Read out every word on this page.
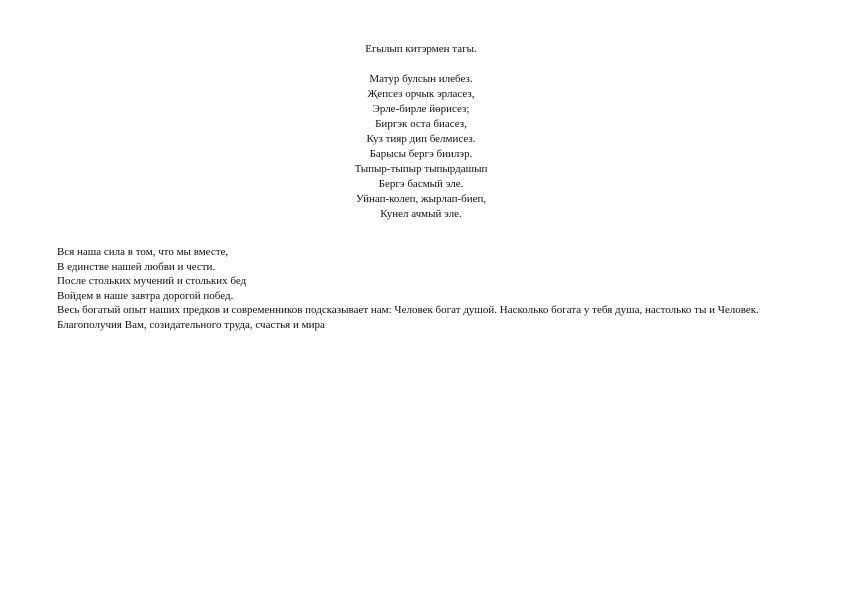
Егылып китэрмен тагы.
Матур булсын илебез.
Җепсез орчык эрласез,
Эрле-бирле йөрисез;
Биргэк оста биасез,
Куз тияр дип белмисез.
Барысы бергэ биилэр.
Тыпыр-тыпыр тыпырдашып
Бергэ басмый эле.
Уйнап-колеп, жырлап-биеп,
Кунел ачмый эле.
Вся наша сила в том, что мы вместе,
В единстве нашей любви и чести.
После стольких мучений и стольких бед
Войдем в наше завтра дорогой побед.
Весь богатый опыт наших предков и современников подсказывает нам: Человек богат душой. Насколько богата у тебя душа, настолько ты и Человек.
Благополучия Вам, созидательного труда, счастья и мира
